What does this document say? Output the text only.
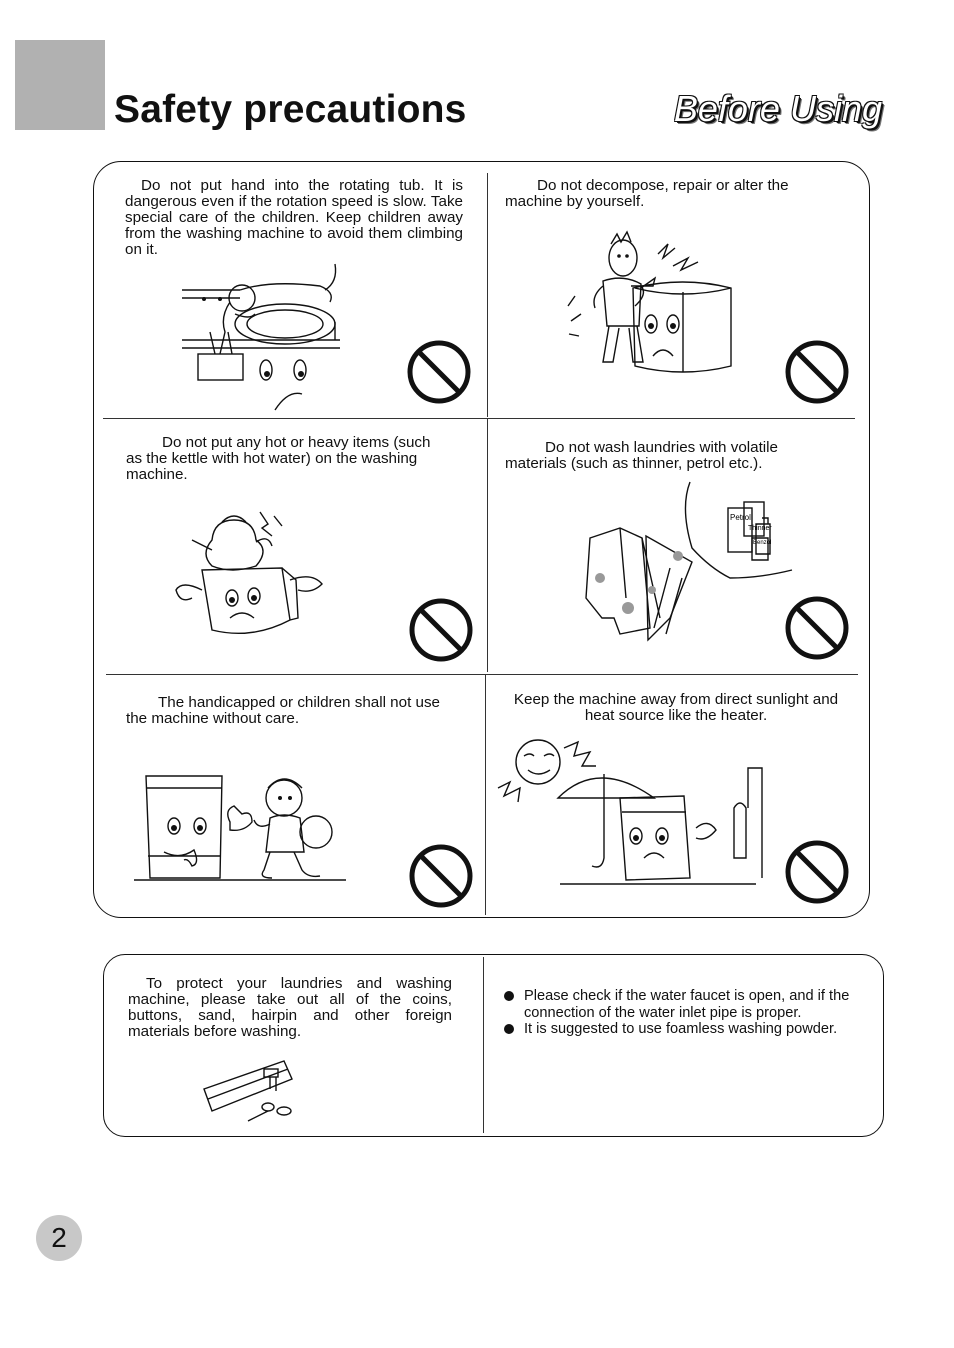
Safety precautions	Before Using

Do not put hand into the rotating tub. It is dangerous even if the rotation speed is slow. Take special care of the children. Keep children away from the washing machine to avoid them climbing on it.

Do not decompose, repair or alter the machine by yourself.

Do not put any hot or heavy items (such as the kettle with hot water) on the washing machine.

Do not wash laundries with volatile materials (such as thinner, petrol etc.).

Petrol
Thinner
Benzol

The handicapped or children shall not use the machine without care.

Keep the machine away from direct sunlight and heat source like the heater.

To protect your laundries and washing machine, please take out all of the coins, buttons, sand, hairpin and other foreign materials before washing.

Please check if the water faucet is open, and if the connection of the water inlet pipe is proper.
It is suggested to use foamless washing powder.
2
